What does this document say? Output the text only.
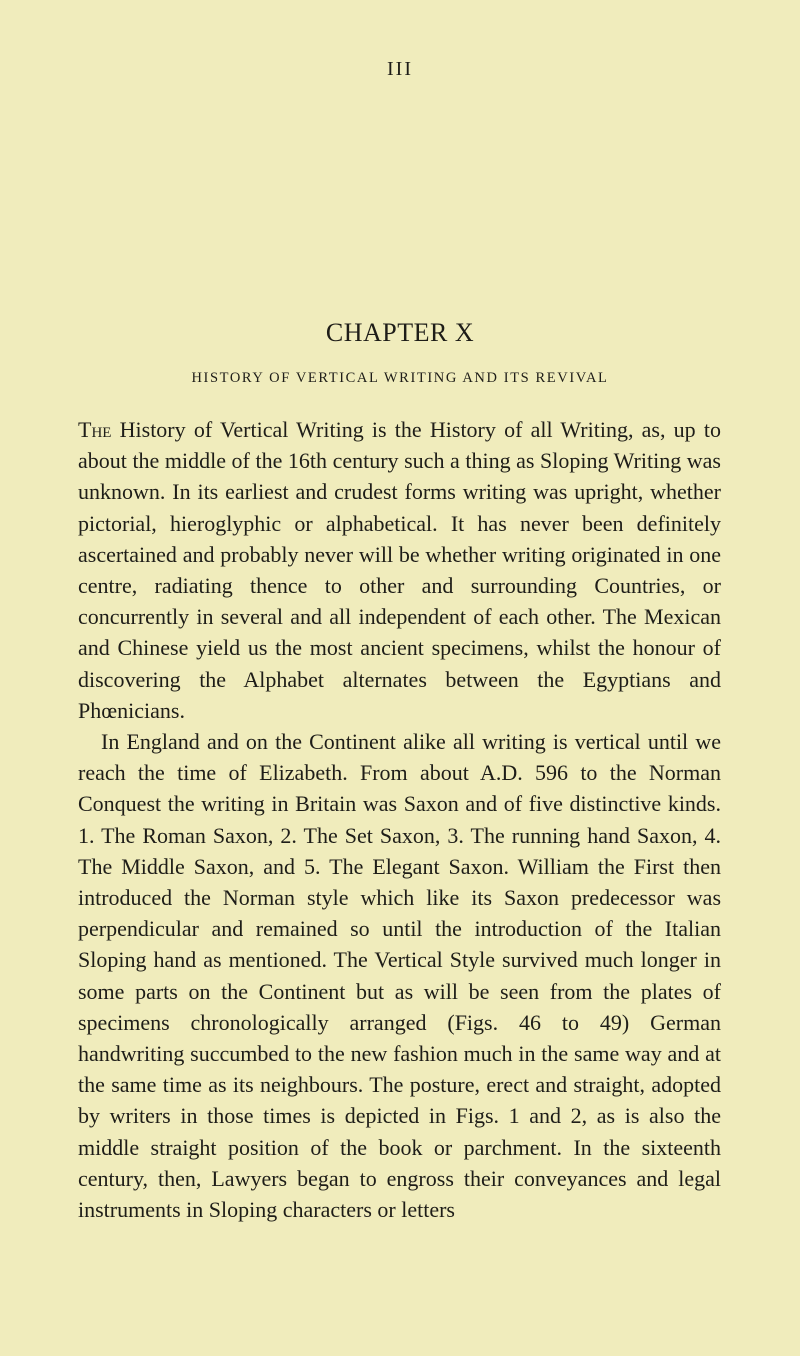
III
CHAPTER X
HISTORY OF VERTICAL WRITING AND ITS REVIVAL

The History of Vertical Writing is the History of all Writing, as, up to about the middle of the 16th century such a thing as Sloping Writing was unknown. In its earliest and crudest forms writing was upright, whether pictorial, hieroglyphic or alphabetical. It has never been definitely ascertained and probably never will be whether writing originated in one centre, radiating thence to other and surrounding Countries, or concurrently in several and all independent of each other. The Mexican and Chinese yield us the most ancient specimens, whilst the honour of discovering the Alphabet alternates between the Egyptians and Phœnicians.

In England and on the Continent alike all writing is vertical until we reach the time of Elizabeth. From about A.D. 596 to the Norman Conquest the writing in Britain was Saxon and of five distinctive kinds. 1. The Roman Saxon, 2. The Set Saxon, 3. The running hand Saxon, 4. The Middle Saxon, and 5. The Elegant Saxon. William the First then introduced the Norman style which like its Saxon predecessor was perpendicular and remained so until the introduction of the Italian Sloping hand as mentioned. The Vertical Style survived much longer in some parts on the Continent but as will be seen from the plates of specimens chronologically arranged (Figs. 46 to 49) German handwriting succumbed to the new fashion much in the same way and at the same time as its neighbours. The posture, erect and straight, adopted by writers in those times is depicted in Figs. 1 and 2, as is also the middle straight position of the book or parchment. In the sixteenth century, then, Lawyers began to engross their conveyances and legal instruments in Sloping characters or letters
